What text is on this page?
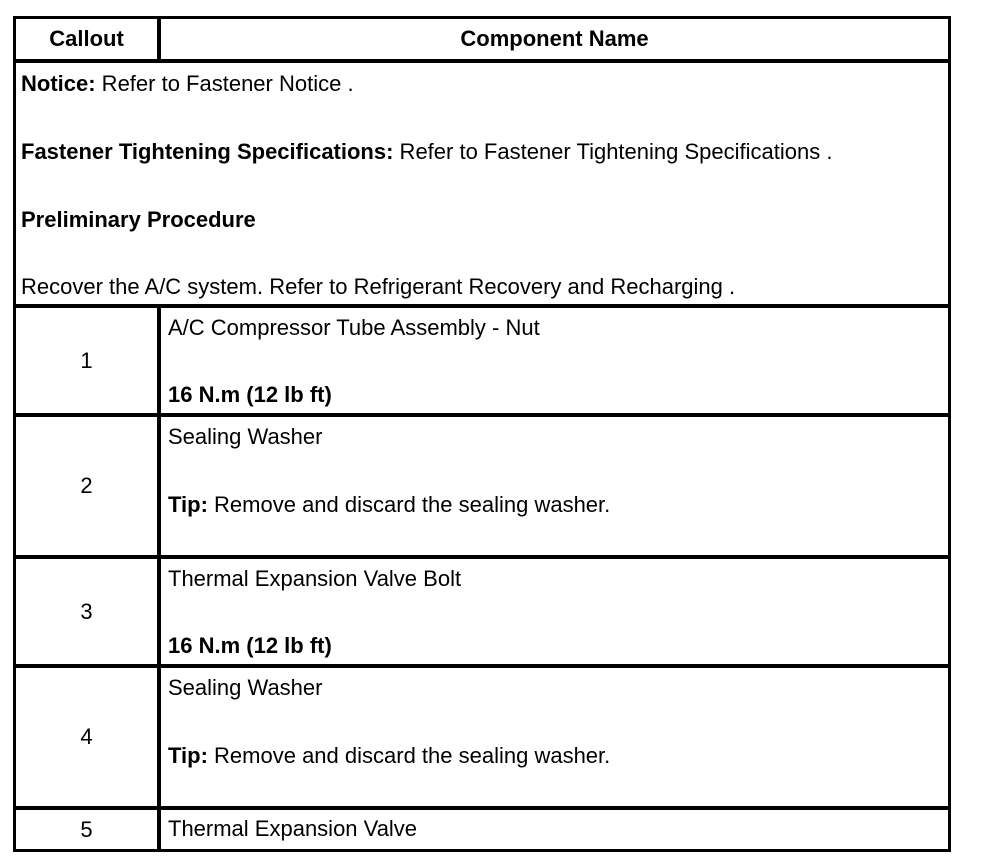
Callout	Component Name
Notice: Refer to Fastener Notice .
Fastener Tightening Specifications: Refer to Fastener Tightening Specifications .
Preliminary Procedure
Recover the A/C system. Refer to Refrigerant Recovery and Recharging .
1
A/C Compressor Tube Assembly - Nut
16 N.m (12 lb ft)
2
Sealing Washer
Tip: Remove and discard the sealing washer.
3
Thermal Expansion Valve Bolt
16 N.m (12 lb ft)
4
Sealing Washer
Tip: Remove and discard the sealing washer.
5	Thermal Expansion Valve
